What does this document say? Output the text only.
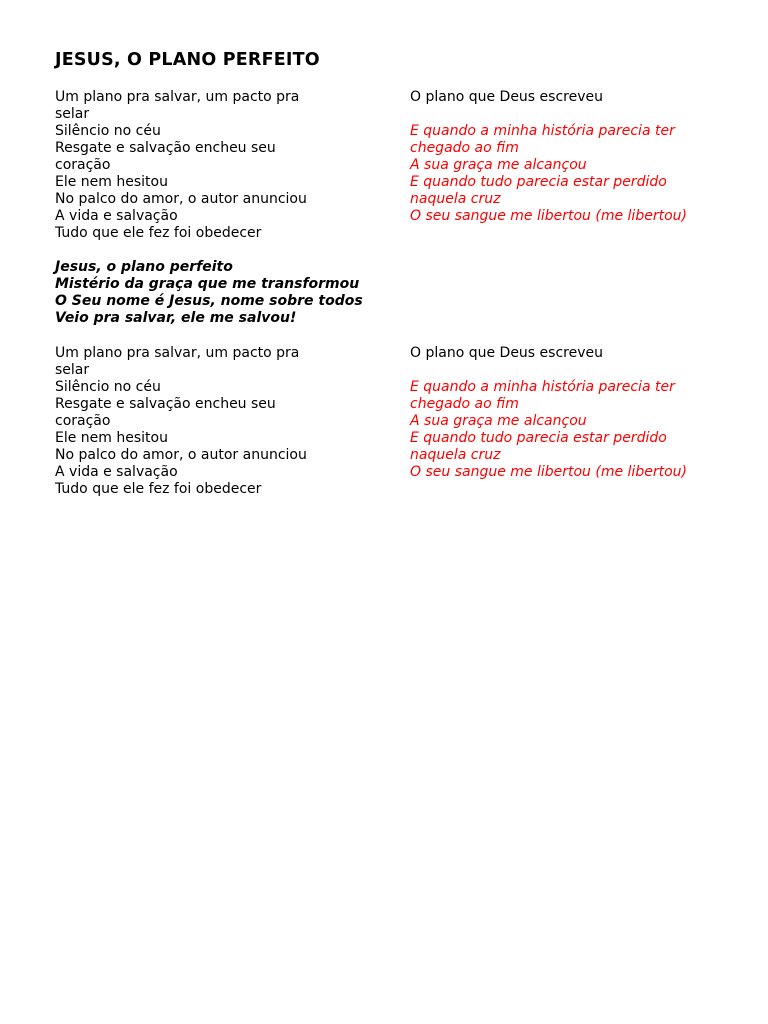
JESUS, O PLANO PERFEITO
Um plano pra salvar, um pacto pra
selar
Silêncio no céu
Resgate e salvação encheu seu
coração
Ele nem hesitou
No palco do amor, o autor anunciou
A vida e salvação
Tudo que ele fez foi obedecer
O plano que Deus escreveu

E quando a minha história parecia ter
chegado ao fim
A sua graça me alcançou
E quando tudo parecia estar perdido
naquela cruz
O seu sangue me libertou (me libertou)
Jesus, o plano perfeito
Mistério da graça que me transformou
O Seu nome é Jesus, nome sobre todos
Veio pra salvar, ele me salvou!
Um plano pra salvar, um pacto pra
selar
Silêncio no céu
Resgate e salvação encheu seu
coração
Ele nem hesitou
No palco do amor, o autor anunciou
A vida e salvação
Tudo que ele fez foi obedecer
O plano que Deus escreveu

E quando a minha história parecia ter
chegado ao fim
A sua graça me alcançou
E quando tudo parecia estar perdido
naquela cruz
O seu sangue me libertou (me libertou)
